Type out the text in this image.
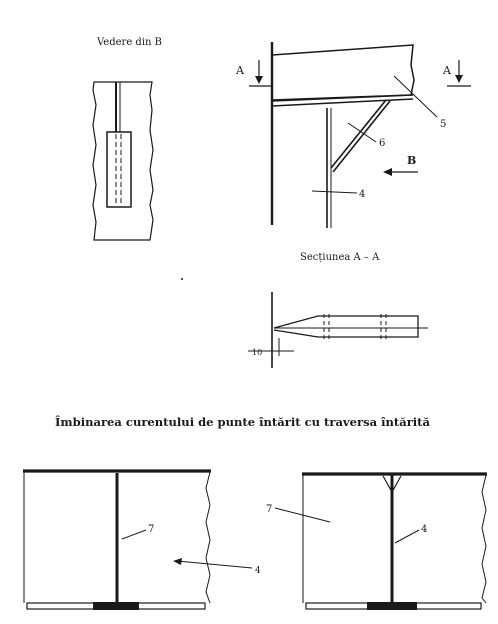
Vedere din B
A	A
5
6
4
B
Secțiunea A – A
10
Îmbinarea curentului de punte întărit cu traversa întărită
7
4
7
4
